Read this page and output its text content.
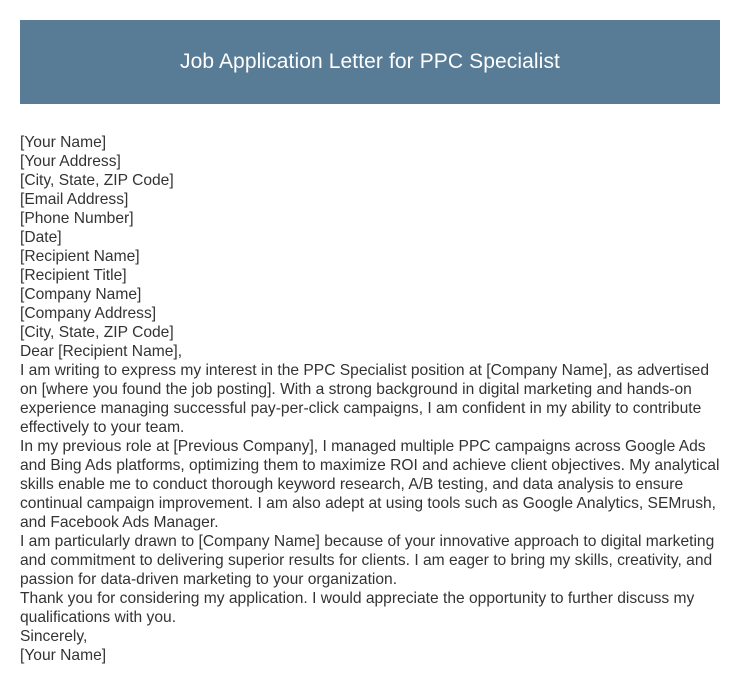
Job Application Letter for PPC Specialist

[Your Name]

[Your Address]

[City, State, ZIP Code]

[Email Address]

[Phone Number]

[Date]

[Recipient Name]

[Recipient Title]

[Company Name]

[Company Address]

[City, State, ZIP Code]

Dear [Recipient Name],

I am writing to express my interest in the PPC Specialist position at [Company Name], as advertised on [where you found the job posting]. With a strong background in digital marketing and hands-on experience managing successful pay-per-click campaigns, I am confident in my ability to contribute effectively to your team.

In my previous role at [Previous Company], I managed multiple PPC campaigns across Google Ads and Bing Ads platforms, optimizing them to maximize ROI and achieve client objectives. My analytical skills enable me to conduct thorough keyword research, A/B testing, and data analysis to ensure continual campaign improvement. I am also adept at using tools such as Google Analytics, SEMrush, and Facebook Ads Manager.

I am particularly drawn to [Company Name] because of your innovative approach to digital marketing and commitment to delivering superior results for clients. I am eager to bring my skills, creativity, and passion for data-driven marketing to your organization.

Thank you for considering my application. I would appreciate the opportunity to further discuss my qualifications with you.

Sincerely,

[Your Name]
